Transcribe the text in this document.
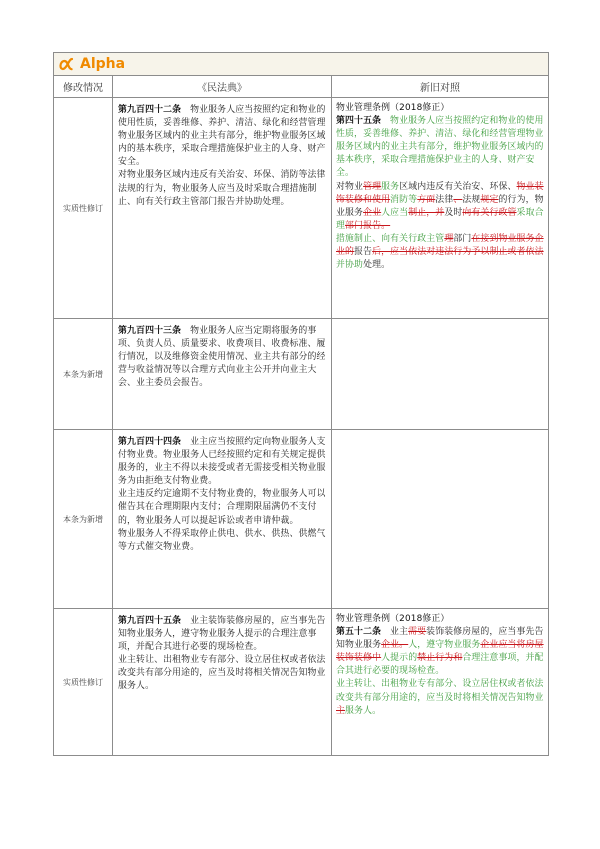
Alpha
修改情况	《民法典》	新旧对照
实质性修订

第九百四十二条 物业服务人应当按照约定和物业的使用性质，妥善维修、养护、清洁、绿化和经营管理物业服务区域内的业主共有部分，维护物业服务区域内的基本秩序，采取合理措施保护业主的人身、财产安全。

对物业服务区域内违反有关治安、环保、消防等法律法规的行为，物业服务人应当及时采取合理措施制止、向有关行政主管部门报告并协助处理。

物业管理条例（2018修正）

第四十五条 物业服务人应当按照约定和物业的使用性质，妥善维修、养护、清洁、绿化和经营管理物业服务区域内的业主共有部分，维护物业服务区域内的基本秩序，采取合理措施保护业主的人身、财产安全。

对物业管理服务区域内违反有关治安、环保、物业装饰装修和使用消防等方面法律、法规规定的行为，物业服务企业人应当制止，并及时向有关行政管采取合理部门报告。

措施制止、向有关行政主管理部门在接到物业服务企业的报告后，应当依法对违法行为予以制止或者依法并协助处理。

本条为新增

第九百四十三条 物业服务人应当定期将服务的事项、负责人员、质量要求、收费项目、收费标准、履行情况，以及维修资金使用情况、业主共有部分的经营与收益情况等以合理方式向业主公开并向业主大会、业主委员会报告。

本条为新增

第九百四十四条 业主应当按照约定向物业服务人支付物业费。物业服务人已经按照约定和有关规定提供服务的，业主不得以未接受或者无需接受相关物业服务为由拒绝支付物业费。

业主违反约定逾期不支付物业费的，物业服务人可以催告其在合理期限内支付；合理期限届满仍不支付的，物业服务人可以提起诉讼或者申请仲裁。

物业服务人不得采取停止供电、供水、供热、供燃气等方式催交物业费。

实质性修订

第九百四十五条 业主装饰装修房屋的，应当事先告知物业服务人，遵守物业服务人提示的合理注意事项，并配合其进行必要的现场检查。

业主转让、出租物业专有部分、设立居住权或者依法改变共有部分用途的，应当及时将相关情况告知物业服务人。

物业管理条例（2018修正）

第五十二条 业主需要装饰装修房屋的，应当事先告知物业服务企业。人，遵守物业服务企业应当将房屋装饰装修中人提示的禁止行为和合理注意事项，并配合其进行必要的现场检查。

业主转让、出租物业专有部分、设立居住权或者依法改变共有部分用途的，应当及时将相关情况告知物业主服务人。
